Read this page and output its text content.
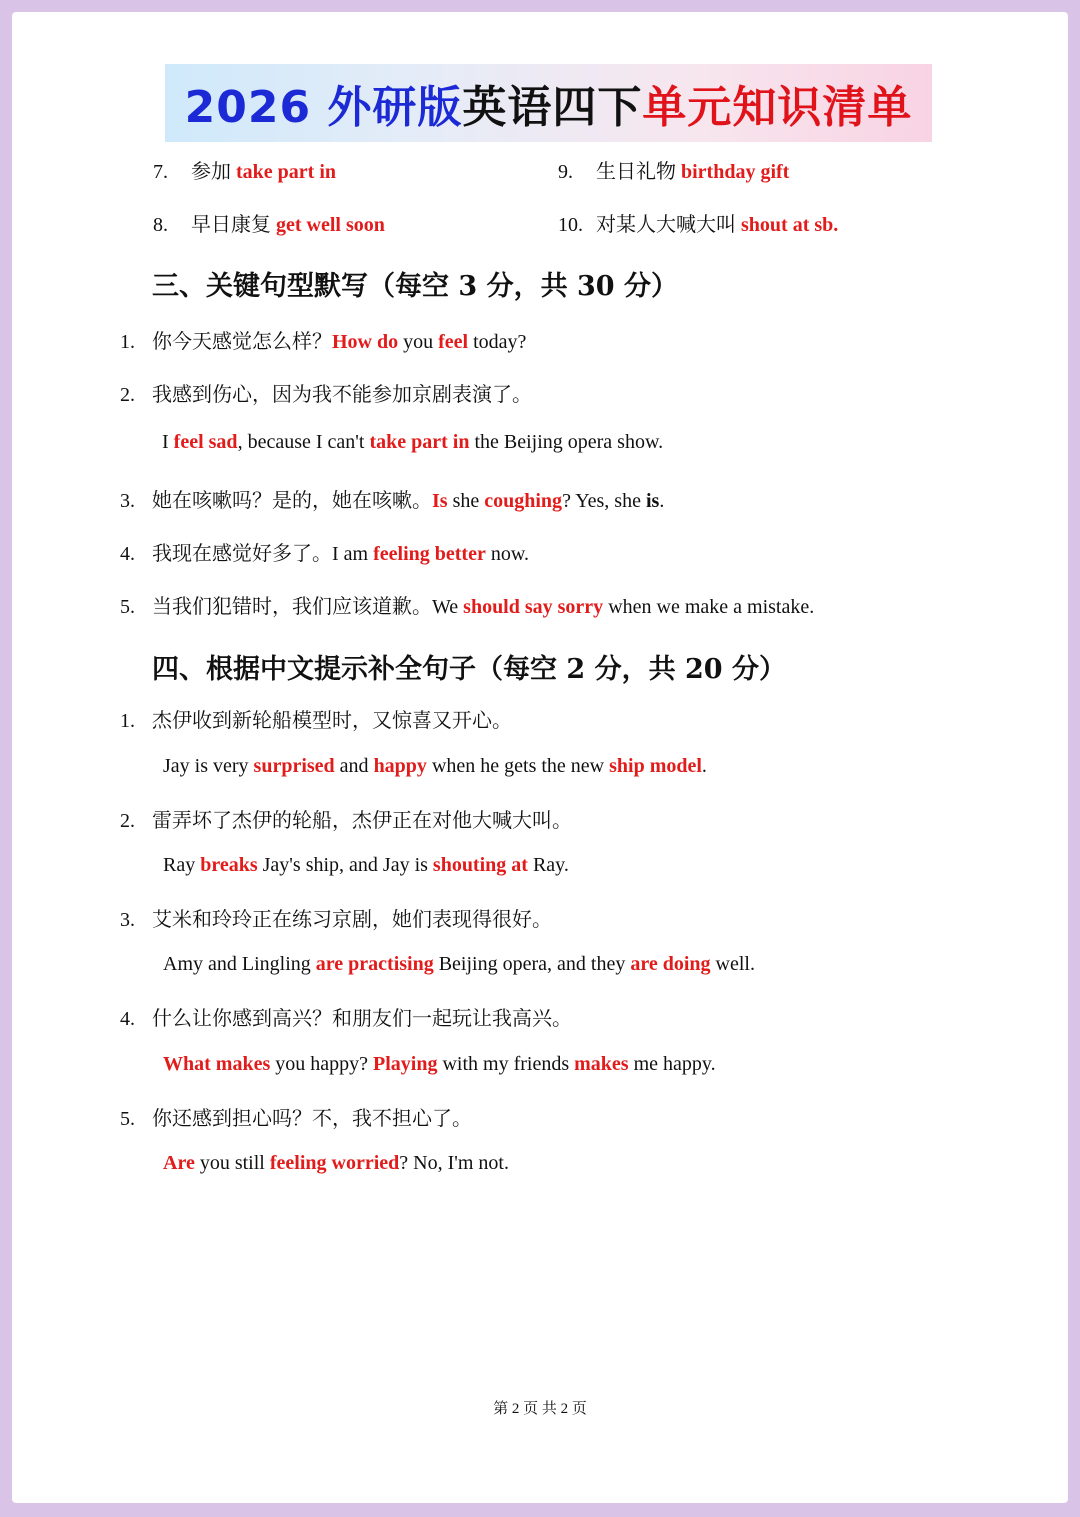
2026 外研版 英语四下 单元知识清单
7. 参加 take part in
8. 早日康复 get well soon
9. 生日礼物 birthday gift
10. 对某人大喊大叫 shout at sb.
三、关键句型默写（每空 3 分，共 30 分）
1. 你今天感觉怎么样？How do you feel today?
2. 我感到伤心，因为我不能参加京剧表演了。
I feel sad, because I can't take part in the Beijing opera show.
3. 她在咳嗽吗？是的，她在咳嗽。Is she coughing? Yes, she is.
4. 我现在感觉好多了。I am feeling better now.
5. 当我们犯错时，我们应该道歉。We should say sorry when we make a mistake.
四、根据中文提示补全句子（每空 2 分，共 20 分）
1. 杰伊收到新轮船模型时，又惊喜又开心。
Jay is very surprised and happy when he gets the new ship model.
2. 雷弄坏了杰伊的轮船，杰伊正在对他大喊大叫。
Ray breaks Jay's ship, and Jay is shouting at Ray.
3. 艾米和玲玲正在练习京剧，她们表现得很好。
Amy and Lingling are practising Beijing opera, and they are doing well.
4. 什么让你感到高兴？和朋友们一起玩让我高兴。
What makes you happy? Playing with my friends makes me happy.
5. 你还感到担心吗？不，我不担心了。
Are you still feeling worried? No, I'm not.
第 2 页 共 2 页
